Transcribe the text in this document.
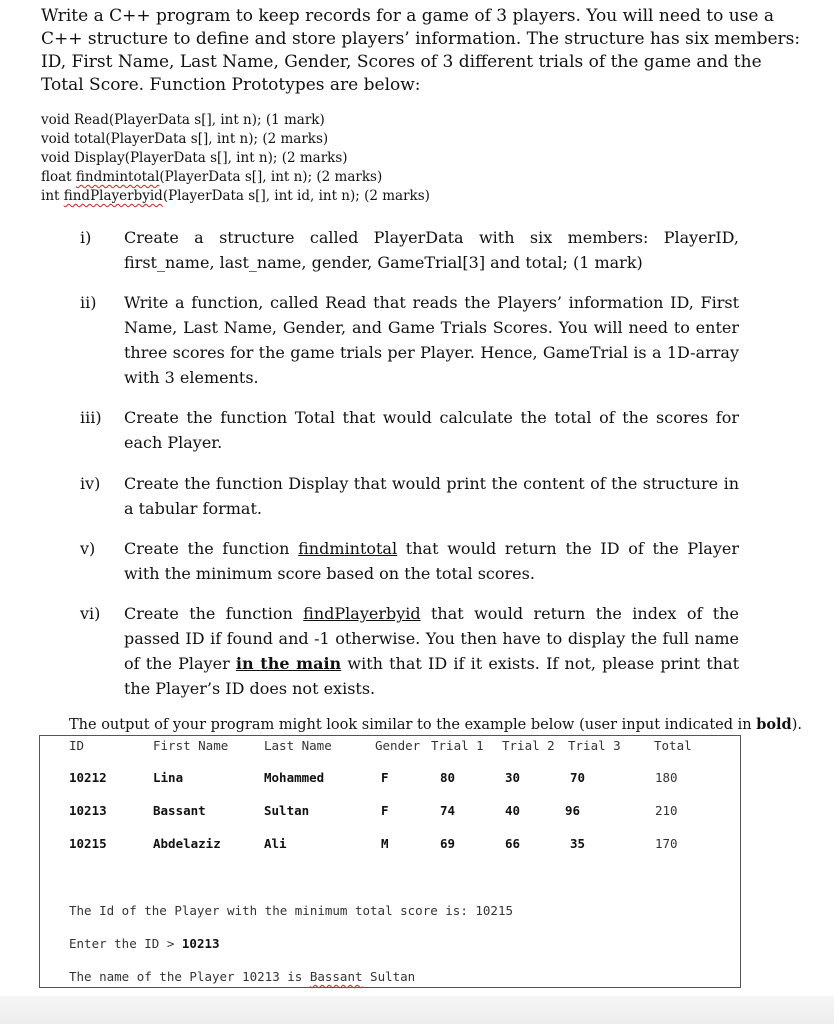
Write a C++ program to keep records for a game of 3 players. You will need to use a C++ structure to define and store players’ information. The structure has six members: ID, First Name, Last Name, Gender, Scores of 3 different trials of the game and the Total Score. Function Prototypes are below:

void Read(PlayerData s[], int n); (1 mark)
void total(PlayerData s[], int n); (2 marks)
void Display(PlayerData s[], int n); (2 marks)
float findmintotal(PlayerData s[], int n); (2 marks)
int findPlayerbyid(PlayerData s[], int id, int n); (2 marks)
i)	Create a structure called PlayerData with six members: PlayerID, first_name, last_name, gender, GameTrial[3] and total; (1 mark)
ii)	Write a function, called Read that reads the Players’ information ID, First Name, Last Name, Gender, and Game Trials Scores. You will need to enter three scores for the game trials per Player. Hence, GameTrial is a 1D-array with 3 elements.
iii)	Create the function Total that would calculate the total of the scores for each Player.
iv)	Create the function Display that would print the content of the structure in a tabular format.
v)	Create the function findmintotal that would return the ID of the Player with the minimum score based on the total scores.
vi)	Create the function findPlayerbyid that would return the index of the passed ID if found and -1 otherwise. You then have to display the full name of the Player in the main with that ID if it exists. If not, please print that the Player’s ID does not exists.
The output of your program might look similar to the example below (user input indicated in bold).
ID	First Name	Last Name	Gender Trial 1 Trial 2 Trial 3	Total
10212	Lina	Mohammed	F	80	30	70	180
10213	Bassant	Sultan	F	74	40	96	210
10215	Abdelaziz	Ali	M	69	66	35	170
The Id of the Player with the minimum total score is: 10215
Enter the ID > 10213
The name of the Player 10213 is Bassant Sultan
